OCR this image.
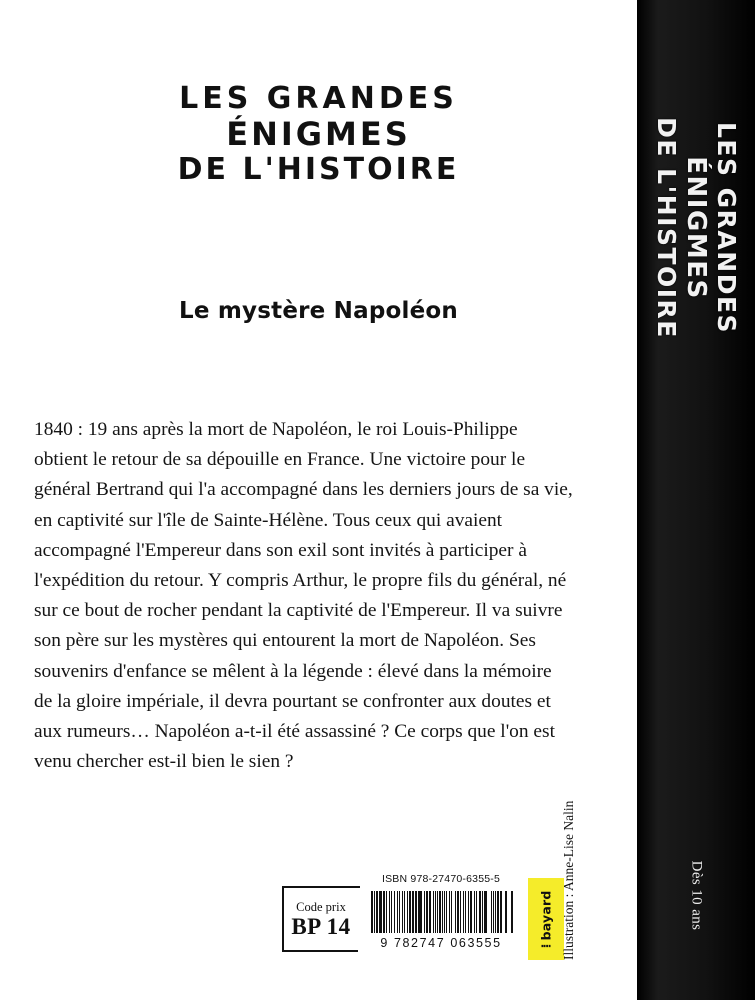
LES GRANDES
ÉNIGMES
DE L'HISTOIRE
Le mystère Napoléon

1840 : 19 ans après la mort de Napoléon, le roi Louis-Philippe obtient le retour de sa dépouille en France. Une victoire pour le général Bertrand qui l'a accompagné dans les derniers jours de sa vie, en captivité sur l'île de Sainte-Hélène. Tous ceux qui avaient accompagné l'Empereur dans son exil sont invités à participer à l'expédition du retour. Y compris Arthur, le propre fils du général, né sur ce bout de rocher pendant la captivité de l'Empereur. Il va suivre son père sur les mystères qui entourent la mort de Napoléon. Ses souvenirs d'enfance se mêlent à la légende : élevé dans la mémoire de la gloire impériale, il devra pourtant se confronter aux doutes et aux rumeurs… Napoléon a-t-il été assassiné ? Ce corps que l'on est venu chercher est-il bien le sien ?

Code prix
BP 14
ISBN 978-27470-6355-5
9 782747 063555	⁞bayard Illustration : Anne-Lise Nalin
LES GRANDES
ÉNIGMES
DE L'HISTOIRE
Dès 10 ans
